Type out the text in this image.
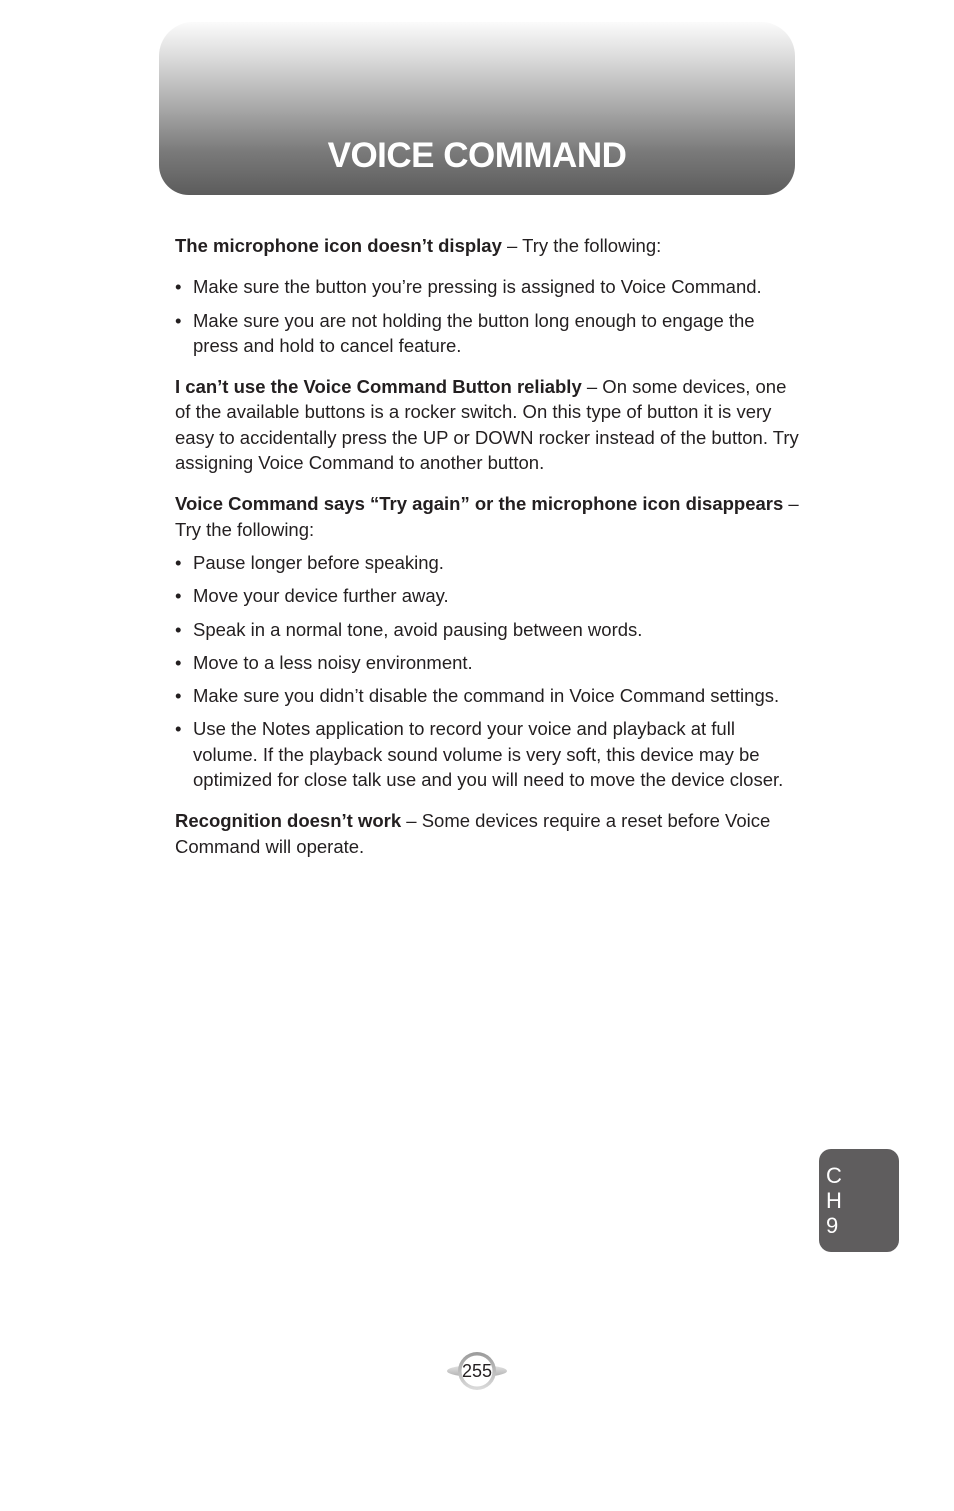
VOICE COMMAND

The microphone icon doesn’t display – Try the following:

• Make sure the button you’re pressing is assigned to Voice Command.
• Make sure you are not holding the button long enough to engage the press and hold to cancel feature.

I can’t use the Voice Command Button reliably – On some devices, one of the available buttons is a rocker switch. On this type of button it is very easy to accidentally press the UP or DOWN rocker instead of the button. Try assigning Voice Command to another button.

Voice Command says “Try again” or the microphone icon disappears – Try the following:

• Pause longer before speaking.
• Move your device further away.
• Speak in a normal tone, avoid pausing between words.
• Move to a less noisy environment.
• Make sure you didn’t disable the command in Voice Command settings.
• Use the Notes application to record your voice and playback at full volume. If the playback sound volume is very soft, this device may be optimized for close talk use and you will need to move the device closer.

Recognition doesn’t work – Some devices require a reset before Voice Command will operate.

C
H
9
255
